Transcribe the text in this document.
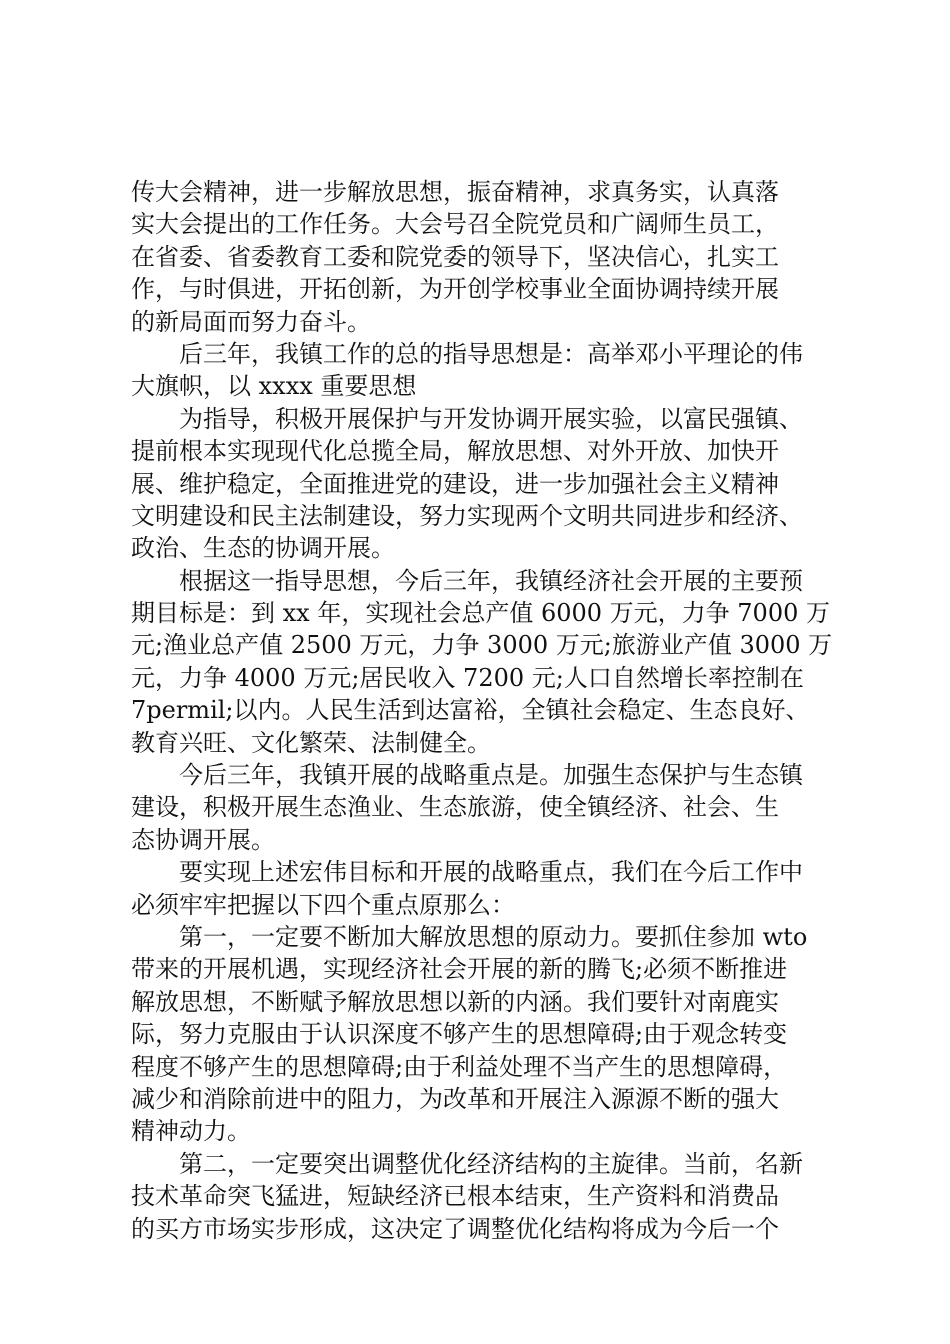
传大会精神，进一步解放思想，振奋精神，求真务实，认真落
实大会提出的工作任务。大会号召全院党员和广阔师生员工，
在省委、省委教育工委和院党委的领导下，坚决信心，扎实工
作，与时俱进，开拓创新，为开创学校事业全面协调持续开展
的新局面而努力奋斗。
后三年，我镇工作的总的指导思想是：高举邓小平理论的伟
大旗帜，以 xxxx 重要思想
为指导，积极开展保护与开发协调开展实验，以富民强镇、
提前根本实现现代化总揽全局，解放思想、对外开放、加快开
展、维护稳定，全面推进党的建设，进一步加强社会主义精神
文明建设和民主法制建设，努力实现两个文明共同进步和经济、
政治、生态的协调开展。
根据这一指导思想，今后三年，我镇经济社会开展的主要预
期目标是：到 xx 年，实现社会总产值 6000 万元，力争 7000 万
元;渔业总产值 2500 万元，力争 3000 万元;旅游业产值 3000 万
元，力争 4000 万元;居民收入 7200 元;人口自然增长率控制在
7permil;以内。人民生活到达富裕，全镇社会稳定、生态良好、
教育兴旺、文化繁荣、法制健全。
今后三年，我镇开展的战略重点是。加强生态保护与生态镇
建设，积极开展生态渔业、生态旅游，使全镇经济、社会、生
态协调开展。
要实现上述宏伟目标和开展的战略重点，我们在今后工作中
必须牢牢把握以下四个重点原那么：
第一，一定要不断加大解放思想的原动力。要抓住参加 wto
带来的开展机遇，实现经济社会开展的新的腾飞;必须不断推进
解放思想，不断赋予解放思想以新的内涵。我们要针对南鹿实
际，努力克服由于认识深度不够产生的思想障碍;由于观念转变
程度不够产生的思想障碍;由于利益处理不当产生的思想障碍，
减少和消除前进中的阻力，为改革和开展注入源源不断的强大
精神动力。
第二，一定要突出调整优化经济结构的主旋律。当前，名新
技术革命突飞猛进，短缺经济已根本结束，生产资料和消费品
的买方市场实步形成，这决定了调整优化结构将成为今后一个
